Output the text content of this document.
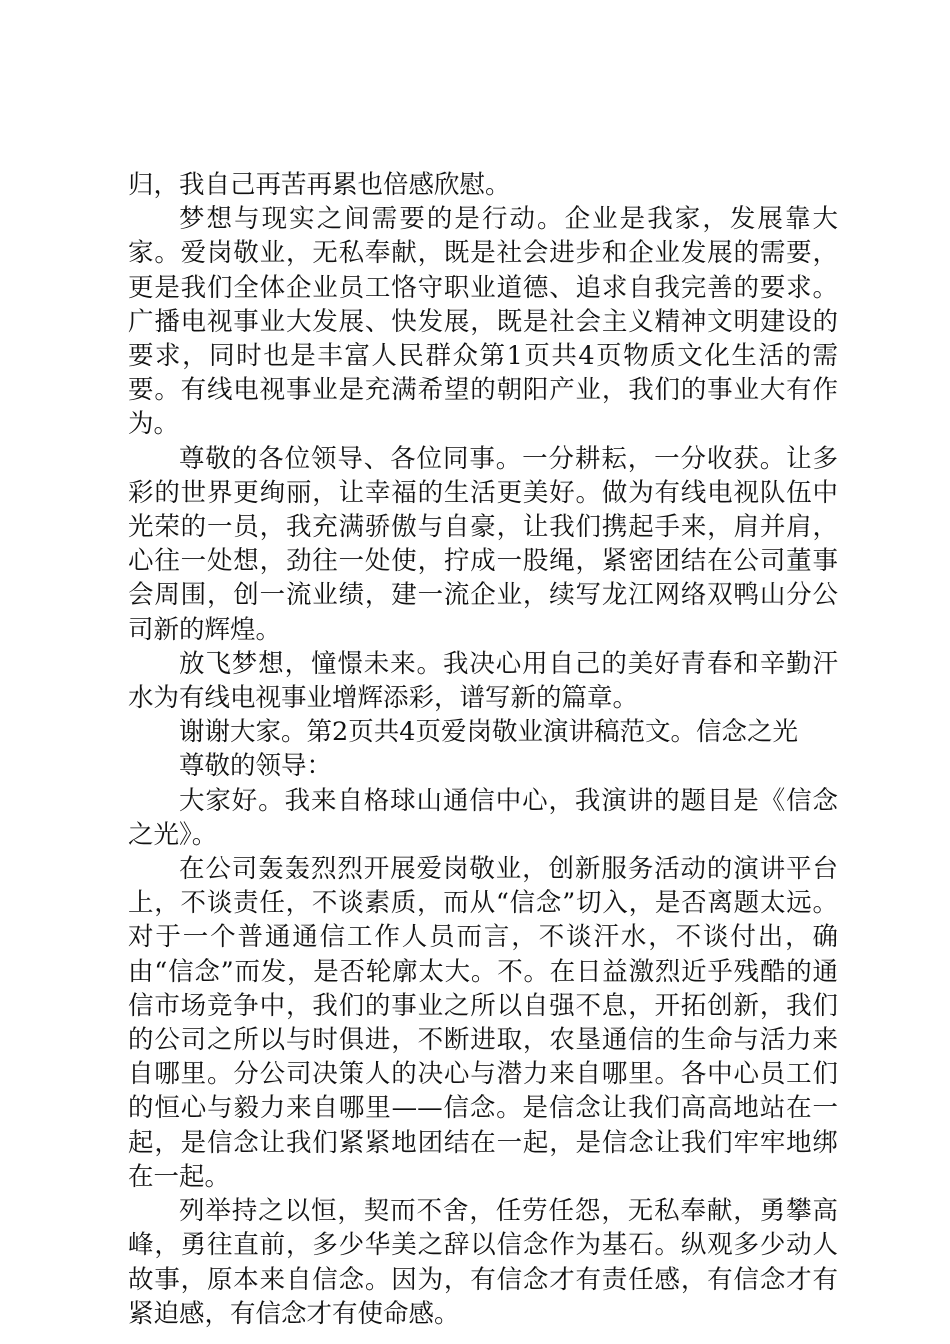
归，我自己再苦再累也倍感欣慰。

梦想与现实之间需要的是行动。企业是我家，发展靠大家。爱岗敬业，无私奉献，既是社会进步和企业发展的需要，更是我们全体企业员工恪守职业道德、追求自我完善的要求。广播电视事业大发展、快发展，既是社会主义精神文明建设的要求，同时也是丰富人民群众第1页共4页物质文化生活的需要。有线电视事业是充满希望的朝阳产业，我们的事业大有作为。

尊敬的各位领导、各位同事。一分耕耘，一分收获。让多彩的世界更绚丽，让幸福的生活更美好。做为有线电视队伍中光荣的一员，我充满骄傲与自豪，让我们携起手来，肩并肩，心往一处想，劲往一处使，拧成一股绳，紧密团结在公司董事会周围，创一流业绩，建一流企业，续写龙江网络双鸭山分公司新的辉煌。

放飞梦想，憧憬未来。我决心用自己的美好青春和辛勤汗水为有线电视事业增辉添彩，谱写新的篇章。

谢谢大家。第2页共4页爱岗敬业演讲稿范文。信念之光

尊敬的领导：

大家好。我来自格球山通信中心，我演讲的题目是《信念之光》。

在公司轰轰烈烈开展爱岗敬业，创新服务活动的演讲平台上，不谈责任，不谈素质，而从“信念”切入，是否离题太远。对于一个普通通信工作人员而言，不谈汗水，不谈付出，确由“信念”而发，是否轮廓太大。不。在日益激烈近乎残酷的通信市场竞争中，我们的事业之所以自强不息，开拓创新，我们的公司之所以与时俱进，不断进取，农垦通信的生命与活力来自哪里。分公司决策人的决心与潜力来自哪里。各中心员工们的恒心与毅力来自哪里——信念。是信念让我们高高地站在一起，是信念让我们紧紧地团结在一起，是信念让我们牢牢地绑在一起。

列举持之以恒，契而不舍，任劳任怨，无私奉献，勇攀高峰，勇往直前，多少华美之辞以信念作为基石。纵观多少动人故事，原本来自信念。因为，有信念才有责任感，有信念才有紧迫感，有信念才有使命感。
